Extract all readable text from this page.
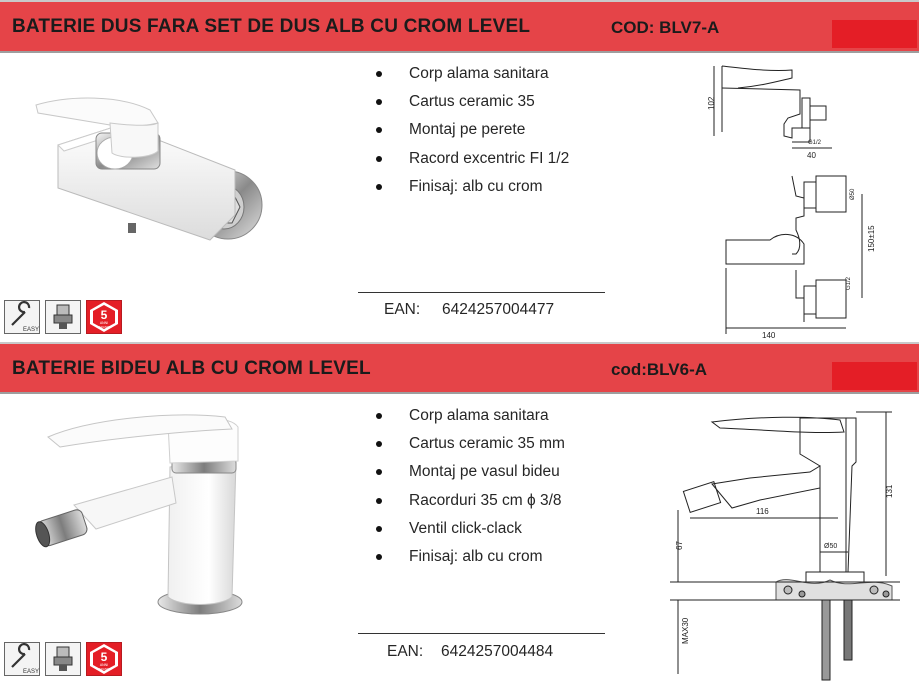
BATERIE DUS FARA SET DE DUS ALB CU CROM LEVEL	COD: BLV7-A
Corp alama sanitara
Cartus ceramic 35
Montaj pe perete
Racord excentric FI 1/2
Finisaj: alb cu crom
EAN: 6424257004477
EASY
5
ANNI
GARANTIE
102
40
G1/2
Ø50
150±15
G1/2
140
BATERIE BIDEU ALB CU CROM LEVEL	cod:BLV6-A
Corp alama sanitara
Cartus ceramic 35 mm
Montaj pe vasul bideu
Racorduri 35 cm ϕ 3/8
Ventil click-clack
Finisaj: alb cu crom
EAN: 6424257004484
EASY
5
ANNI
GARANTIE
131
116
67	Ø50
MAX30
